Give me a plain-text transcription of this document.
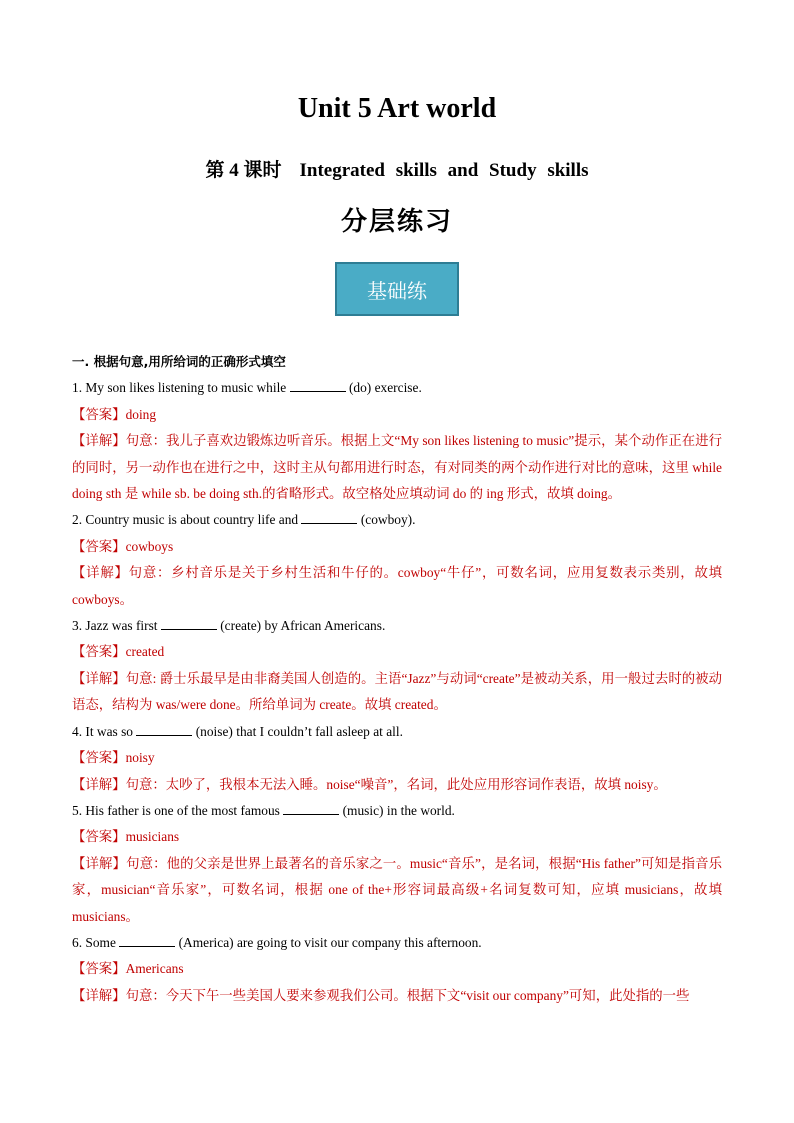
Unit 5 Art world
第 4 课时 Integrated skills and Study skills
分层练习
基础练

一. 根据句意,用所给词的正确形式填空

1. My son likes listening to music while	(do) exercise.

【答案】doing

【详解】句意：我儿子喜欢边锻炼边听音乐。根据上文“My son likes listening to music”提示，某个动作正在进行的同时，另一动作也在进行之中，这时主从句都用进行时态，有对同类的两个动作进行对比的意味，这里 while doing sth 是 while sb. be doing sth.的省略形式。故空格处应填动词 do 的 ing 形式，故填 doing。

2. Country music is about country life and	(cowboy).

【答案】cowboys

【详解】句意：乡村音乐是关于乡村生活和牛仔的。cowboy“牛仔”，可数名词，应用复数表示类别，故填 cowboys。

3. Jazz was first	(create) by African Americans.

【答案】created

【详解】句意: 爵士乐最早是由非裔美国人创造的。主语“Jazz”与动词“create”是被动关系，用一般过去时的被动语态，结构为 was/were done。所给单词为 create。故填 created。

4. It was so	(noise) that I couldn’t fall asleep at all.

【答案】noisy

【详解】句意：太吵了，我根本无法入睡。noise“噪音”，名词，此处应用形容词作表语，故填 noisy。

5. His father is one of the most famous	(music) in the world.

【答案】musicians

【详解】句意：他的父亲是世界上最著名的音乐家之一。music“音乐”，是名词，根据“His father”可知是指音乐家，musician“音乐家”，可数名词，根据 one of the+形容词最高级+名词复数可知，应填 musicians，故填 musicians。

6. Some	(America) are going to visit our company this afternoon.

【答案】Americans

【详解】句意：今天下午一些美国人要来参观我们公司。根据下文“visit our company”可知，此处指的一些
